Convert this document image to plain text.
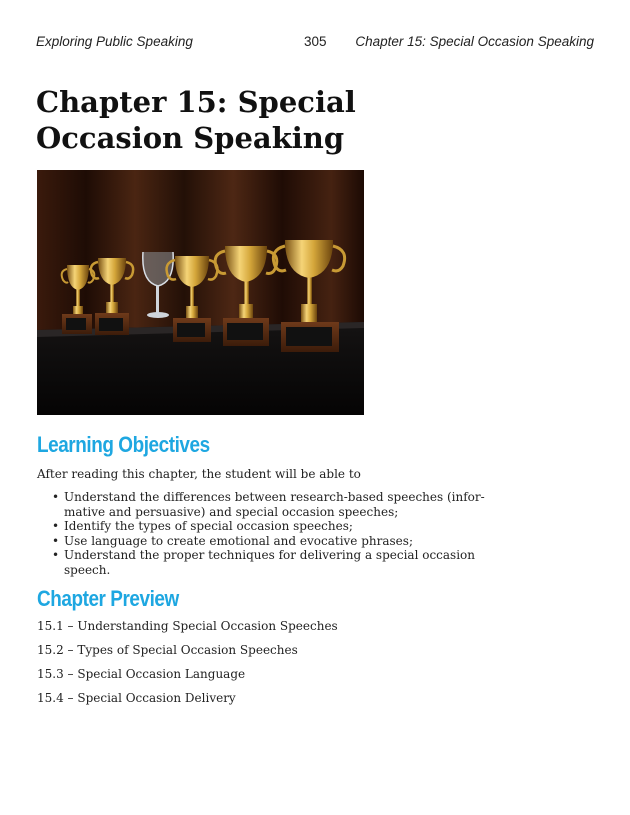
Exploring Public Speaking	305 Chapter 15: Special Occasion Speaking
Chapter 15: Special
Occasion Speaking
Learning Objectives

After reading this chapter, the student will be able to

• Understand the differences between research-based speeches (infor-
mative and persuasive) and special occasion speeches;
• Identify the types of special occasion speeches;
• Use language to create emotional and evocative phrases;
• Understand the proper techniques for delivering a special occasion
speech.
Chapter Preview
15.1 – Understanding Special Occasion Speeches
15.2 – Types of Special Occasion Speeches
15.3 – Special Occasion Language
15.4 – Special Occasion Delivery
